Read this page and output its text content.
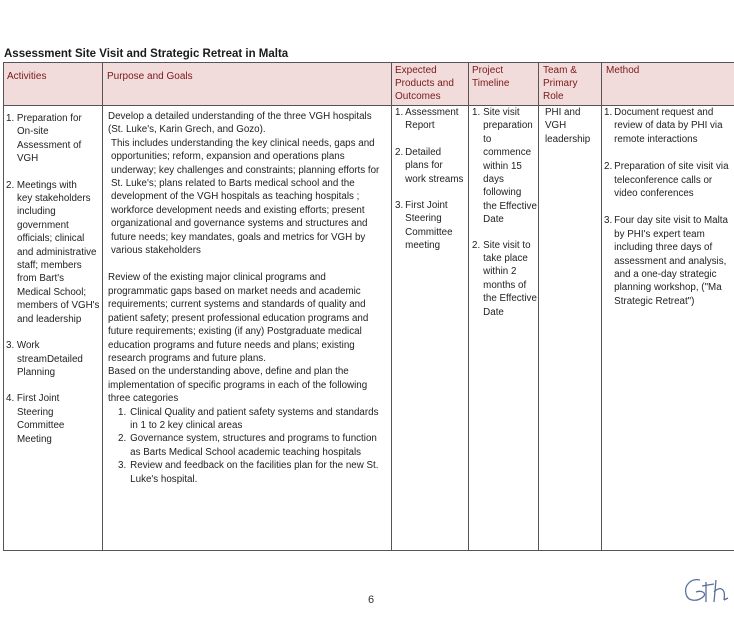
Assessment Site Visit and Strategic Retreat in Malta
Activities	Purpose and Goals
Expected Products and Outcomes
Project Timeline
Team & Primary Role
Method
1. Preparation for
On-site Assessment of VGH
2. Meetings with
key stakeholders including government officials; clinical and administrative staff; members from Bart's Medical School; members of VGH's and leadership
3. Work
streamDetailed Planning
4. First Joint
Steering Committee Meeting

Develop a detailed understanding of the three VGH hospitals (St. Luke's, Karin Grech, and Gozo).

This includes understanding the key clinical needs, gaps and opportunities; reform, expansion and operations plans underway; key challenges and constraints; planning efforts for St. Luke's; plans related to Barts medical school and the development of the VGH hospitals as teaching hospitals ; workforce development needs and existing efforts; present organizational and governance systems and structures and future needs; key mandates, goals and metrics for VGH by various stakeholders

Review of the existing major clinical programs and programmatic gaps based on market needs and academic requirements; current systems and standards of quality and patient safety; present professional education programs and future requirements; existing (if any) Postgraduate medical education programs and future needs and plans; existing research programs and future plans.

Based on the understanding above, define and plan the implementation of specific programs in each of the following three categories

1. Clinical Quality and patient safety systems and standards in 1 to 2 key clinical areas
2. Governance system, structures and programs to function as Barts Medical School academic teaching hospitals
3. Review and feedback on the facilities plan for the new St. Luke's hospital.
1. Assessment Report
2. Detailed plans for work streams
3. First Joint Steering Committee meeting
1. Site visit preparation to commence within 15 days following the Effective Date
2. Site visit to take place within 2 months of the Effective Date
PHI and VGH leadership
1. Document request and review of data by PHI via remote interactions
2. Preparation of site visit via teleconference calls or video conferences
3. Four day site visit to Malta by PHI's expert team including three days of assessment and analysis, and a one-day strategic planning workshop, ("Ma Strategic Retreat")
6
